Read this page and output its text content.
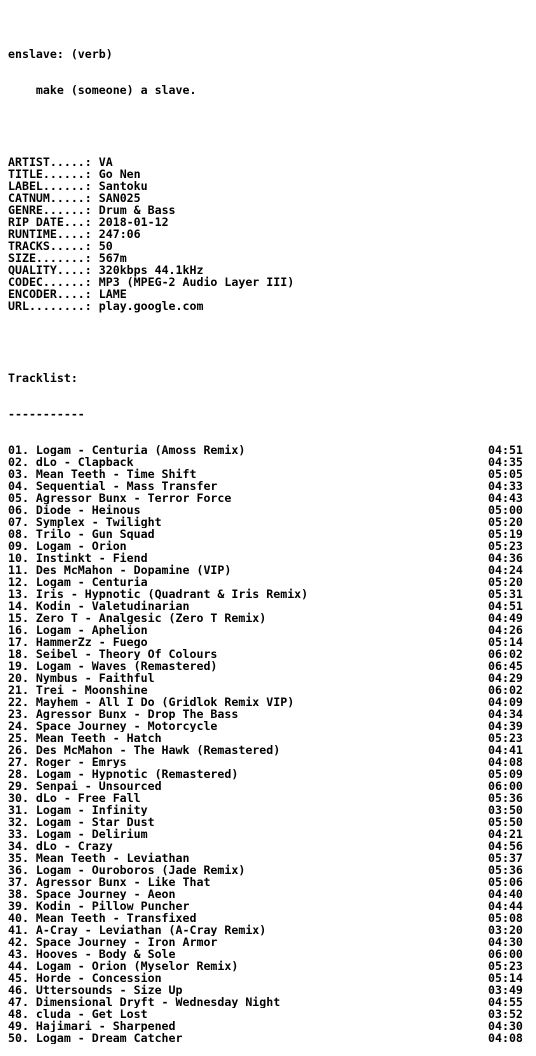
enslave: (verb)

make (someone) a slave.

ARTIST.....: VA
TITLE......: Go Nen
LABEL......: Santoku
CATNUM.....: SAN025
GENRE......: Drum & Bass
RIP DATE...: 2018-01-12
RUNTIME....: 247:06
TRACKS.....: 50
SIZE.......: 567m
QUALITY....: 320kbps 44.1kHz
CODEC......: MP3 (MPEG-2 Audio Layer III)
ENCODER....: LAME
URL........: play.google.com

Tracklist:

-----------

01. Logam - Centuria (Amoss Remix)	04:51
02. dLo - Clapback	04:35
03. Mean Teeth - Time Shift	05:05
04. Sequential - Mass Transfer	04:33
05. Agressor Bunx - Terror Force	04:43
06. Diode - Heinous	05:00
07. Symplex - Twilight	05:20
08. Trilo - Gun Squad	05:19
09. Logam - Orion	05:23
10. Instinkt - Fiend	04:36
11. Des McMahon - Dopamine (VIP)	04:24
12. Logam - Centuria	05:20
13. Iris - Hypnotic (Quadrant & Iris Remix)	05:31
14. Kodin - Valetudinarian	04:51
15. Zero T - Analgesic (Zero T Remix)	04:49
16. Logam - Aphelion	04:26
17. HammerZz - Fuego	05:14
18. Seibel - Theory Of Colours	06:02
19. Logam - Waves (Remastered)	06:45
20. Nymbus - Faithful	04:29
21. Trei - Moonshine	06:02
22. Mayhem - All I Do (Gridlok Remix VIP)	04:09
23. Agressor Bunx - Drop The Bass	04:34
24. Space Journey - Motorcycle	04:39
25. Mean Teeth - Hatch	05:23
26. Des McMahon - The Hawk (Remastered)	04:41
27. Roger - Emrys	04:08
28. Logam - Hypnotic (Remastered)	05:09
29. Senpai - Unsourced	06:00
30. dLo - Free Fall	05:36
31. Logam - Infinity	03:50
32. Logam - Star Dust	05:50
33. Logam - Delirium	04:21
34. dLo - Crazy	04:56
35. Mean Teeth - Leviathan	05:37
36. Logam - Ouroboros (Jade Remix)	05:36
37. Agressor Bunx - Like That	05:06
38. Space Journey - Aeon	04:40
39. Kodin - Pillow Puncher	04:44
40. Mean Teeth - Transfixed	05:08
41. A-Cray - Leviathan (A-Cray Remix)	03:20
42. Space Journey - Iron Armor	04:30
43. Hooves - Body & Sole	06:00
44. Logam - Orion (Myselor Remix)	05:23
45. Horde - Concession	05:14
46. Uttersounds - Size Up	03:49
47. Dimensional Dryft - Wednesday Night	04:55
48. cluda - Get Lost	03:52
49. Hajimari - Sharpened	04:30
50. Logam - Dream Catcher	04:08
